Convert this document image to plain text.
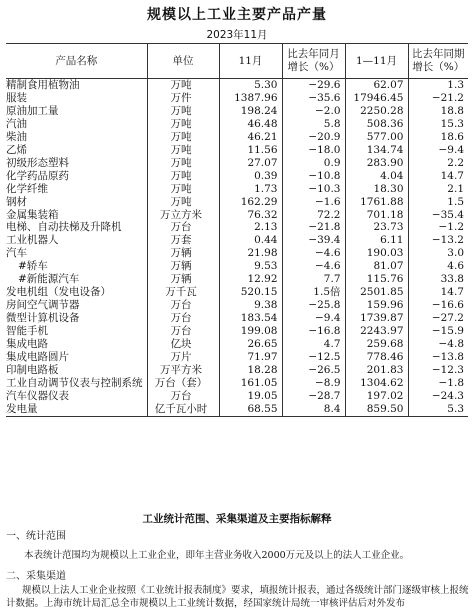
规模以上工业主要产品产量
2023年11月
产品名称	单位	11月	比去年同月增长（%）	1—11月	比去年同期增长（%）
精制食用植物油	万吨	5.30	−29.6	62.07	1.3
服装	万件	1387.96	−35.6	17946.45	−21.2
原油加工量	万吨	198.24	−2.0	2250.28	18.8
汽油	万吨	46.48	5.8	508.36	15.3
柴油	万吨	46.21	−20.9	577.00	18.6
乙烯	万吨	11.56	−18.0	134.74	−9.4
初级形态塑料	万吨	27.07	0.9	283.90	2.2
化学药品原药	万吨	0.39	−10.8	4.04	14.7
化学纤维	万吨	1.73	−10.3	18.30	2.1
钢材	万吨	162.29	−1.6	1761.88	1.5
金属集装箱	万立方米	76.32	72.2	701.18	−35.4
电梯、自动扶梯及升降机	万台	2.13	−21.8	23.73	−1.2
工业机器人	万套	0.44	−39.4	6.11	−13.2
汽车	万辆	21.98	−4.6	190.03	3.0
#轿车	万辆	9.53	−4.6	81.07	4.6
#新能源汽车	万辆	12.92	7.7	115.76	33.8
发电机组（发电设备）	万千瓦	520.15	1.5倍	2501.85	14.7
房间空气调节器	万台	9.38	−25.8	159.96	−16.6
微型计算机设备	万台	183.54	−9.4	1739.87	−27.2
智能手机	万台	199.08	−16.8	2243.97	−15.9
集成电路	亿块	26.65	4.7	259.68	−4.8
集成电路圆片	万片	71.97	−12.5	778.46	−13.8
印制电路板	万平方米	18.28	−26.5	201.83	−12.3
工业自动调节仪表与控制系统	万台（套）	161.05	−8.9	1304.62	−1.8
汽车仪器仪表	万台	19.05	−28.7	197.02	−24.3
发电量	亿千瓦小时	68.55	8.4	859.50	5.3
工业统计范围、采集渠道及主要指标解释
一、统计范围
本表统计范围均为规模以上工业企业，即年主营业务收入2000万元及以上的法人工业企业。
二、采集渠道
规模以上法人工业企业按照《工业统计报表制度》要求，填报统计报表，通过各级统计部门逐级审核上报统计数据。上海市统计局汇总全市规模以上工业统计数据，经国家统计局统一审核评估后对外发布
